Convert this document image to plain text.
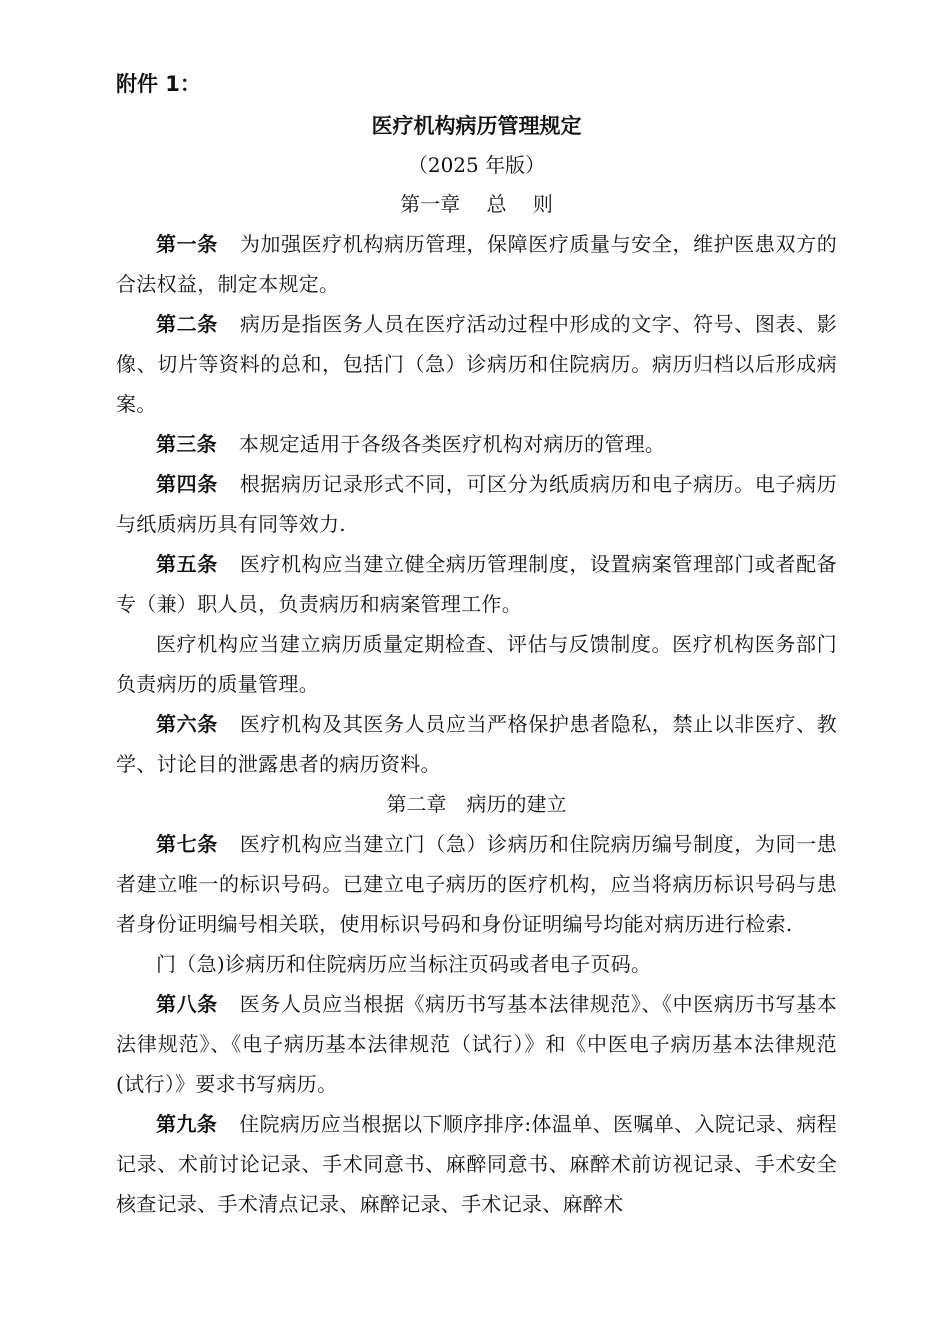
附件 1：
医疗机构病历管理规定
（2025 年版）
第一章　 总　 则

第一条 为加强医疗机构病历管理，保障医疗质量与安全，维护医患双方的合法权益，制定本规定。

第二条 病历是指医务人员在医疗活动过程中形成的文字、符号、图表、影像、切片等资料的总和，包括门（急）诊病历和住院病历。病历归档以后形成病案。

第三条 本规定适用于各级各类医疗机构对病历的管理。

第四条 根据病历记录形式不同，可区分为纸质病历和电子病历。电子病历与纸质病历具有同等效力.

第五条 医疗机构应当建立健全病历管理制度，设置病案管理部门或者配备专（兼）职人员，负责病历和病案管理工作。

医疗机构应当建立病历质量定期检查、评估与反馈制度。医疗机构医务部门负责病历的质量管理。

第六条 医疗机构及其医务人员应当严格保护患者隐私，禁止以非医疗、教学、讨论目的泄露患者的病历资料。

第二章　病历的建立

第七条 医疗机构应当建立门（急）诊病历和住院病历编号制度，为同一患者建立唯一的标识号码。已建立电子病历的医疗机构，应当将病历标识号码与患者身份证明编号相关联，使用标识号码和身份证明编号均能对病历进行检索.

门（急)诊病历和住院病历应当标注页码或者电子页码。

第八条 医务人员应当根据《病历书写基本法律规范》、《中医病历书写基本法律规范》、《电子病历基本法律规范（试行）》和《中医电子病历基本法律规范(试行）》要求书写病历。

第九条 住院病历应当根据以下顺序排序:体温单、医嘱单、入院记录、病程记录、术前讨论记录、手术同意书、麻醉同意书、麻醉术前访视记录、手术安全核查记录、手术清点记录、麻醉记录、手术记录、麻醉术
